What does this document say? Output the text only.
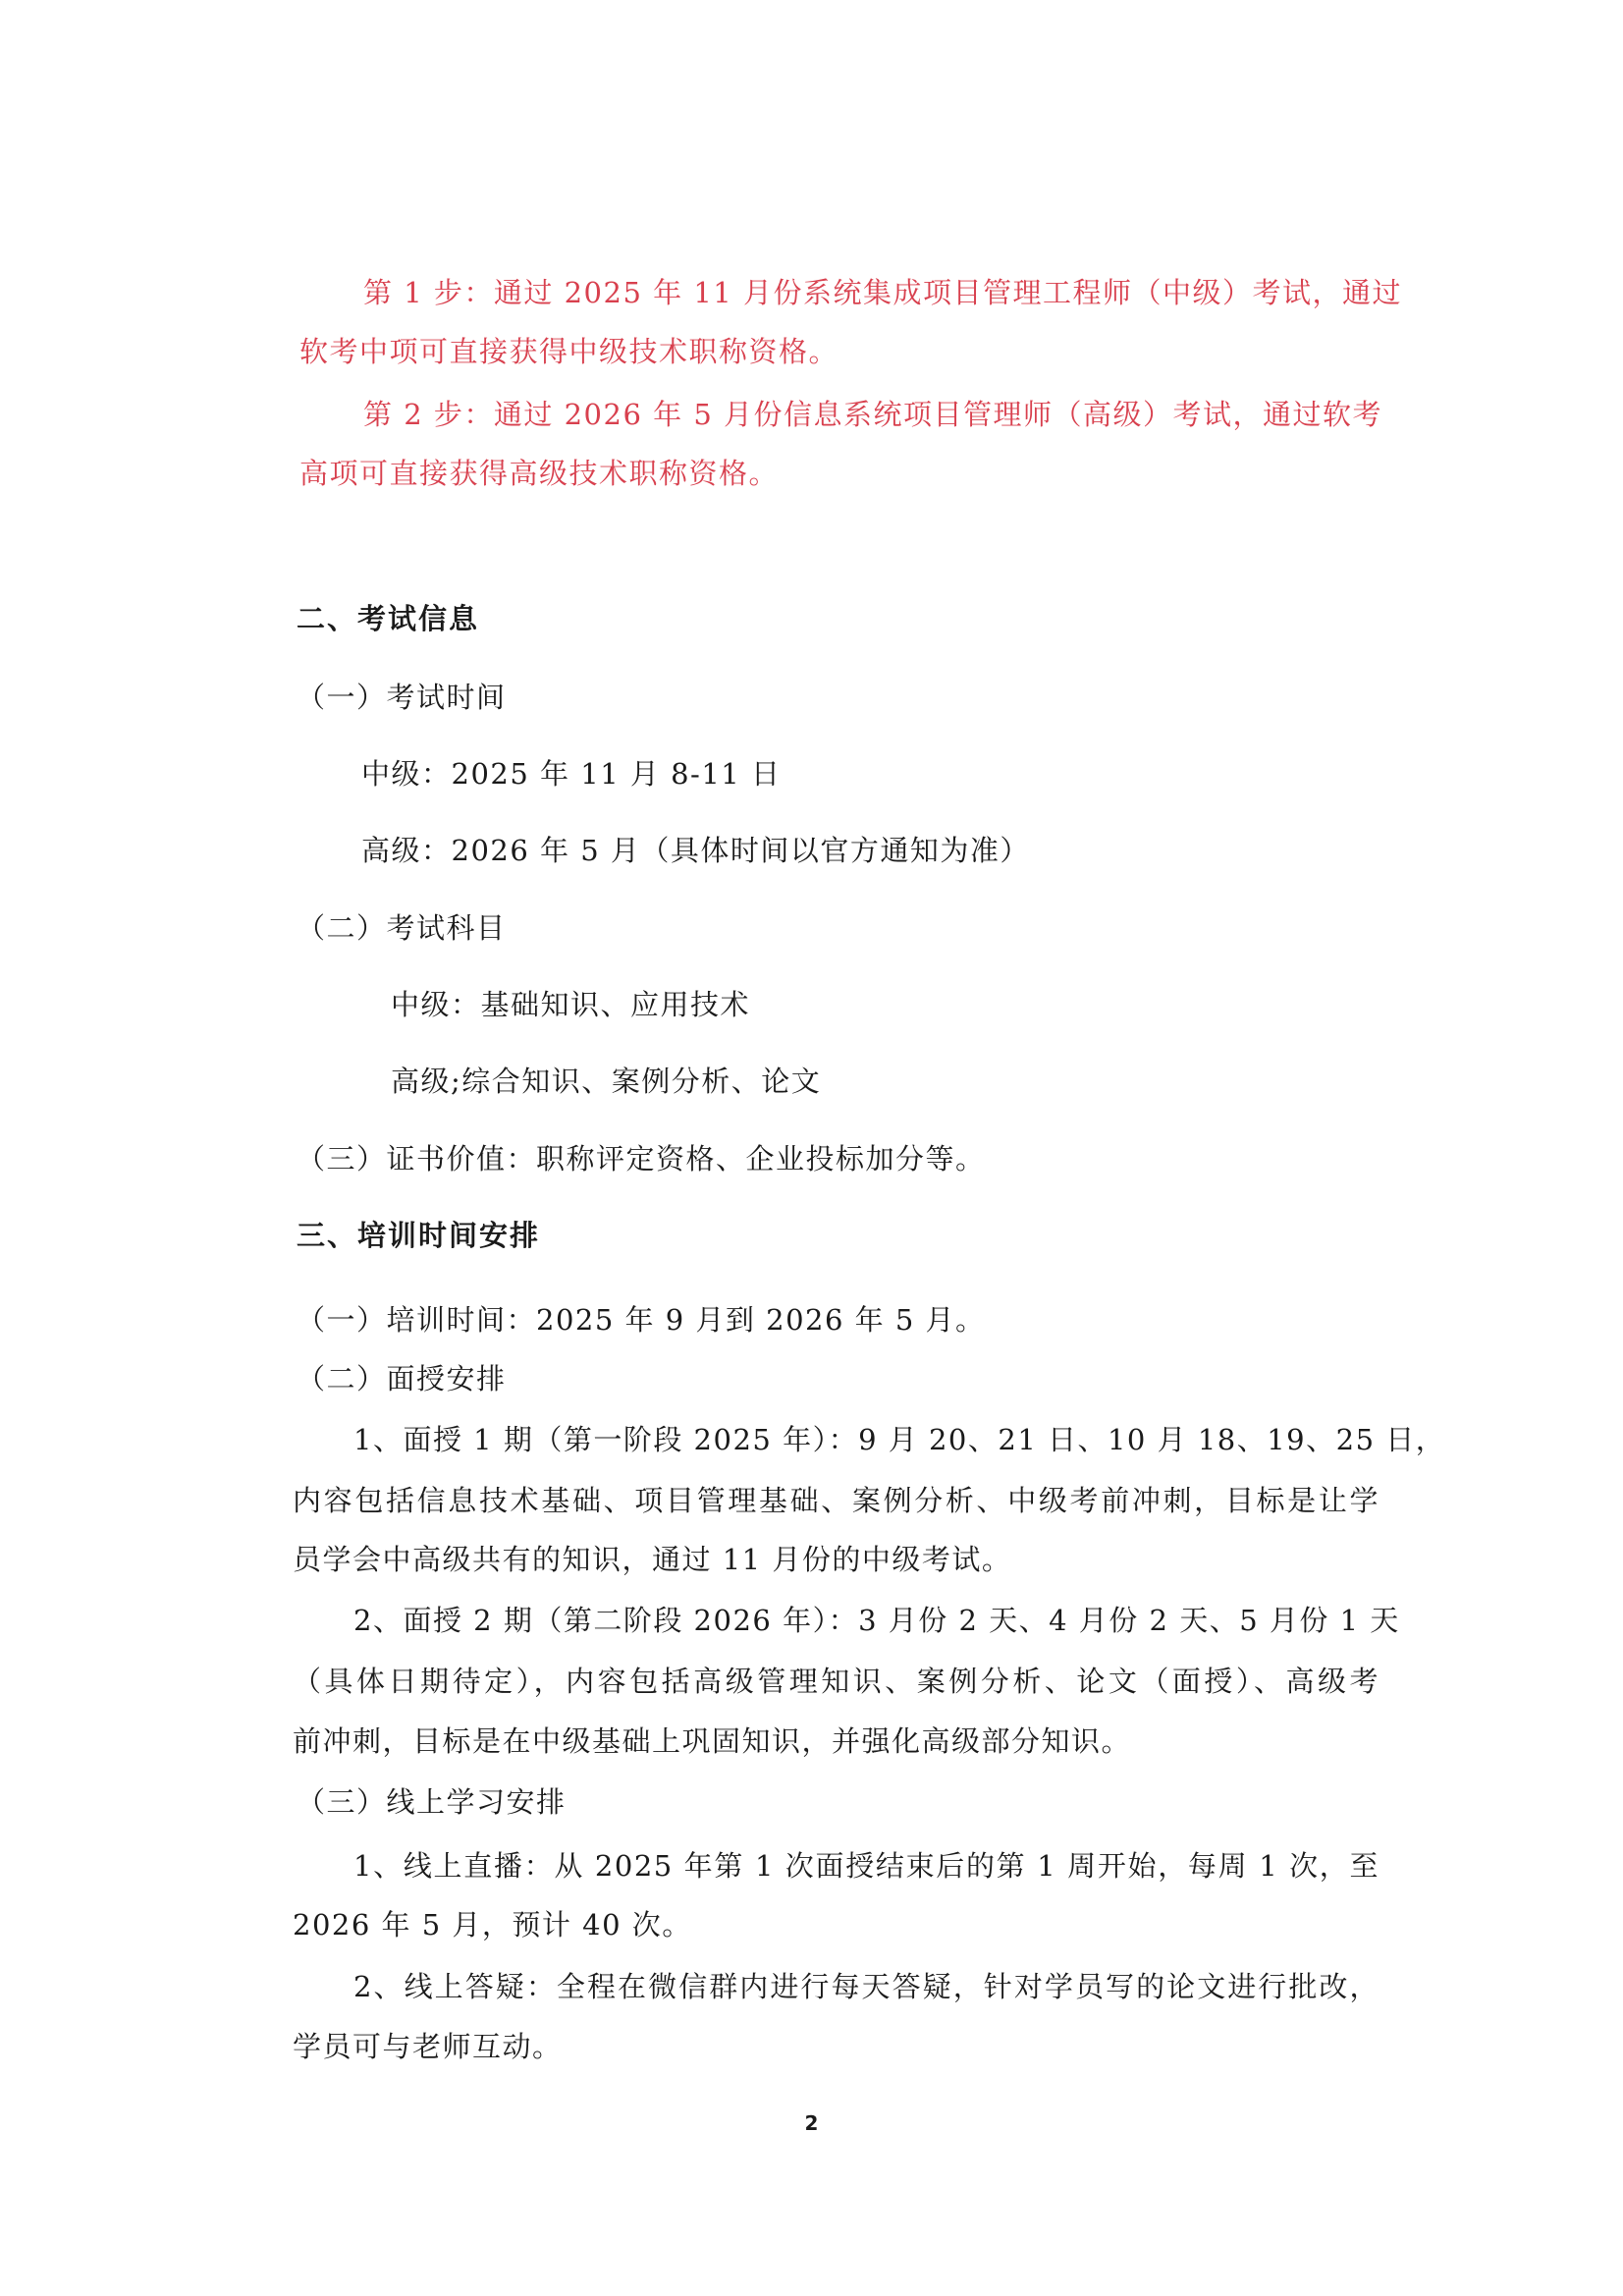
第 1 步：通过 2025 年 11 月份系统集成项目管理工程师（中级）考试，通过
软考中项可直接获得中级技术职称资格。
第 2 步：通过 2026 年 5 月份信息系统项目管理师（高级）考试，通过软考
高项可直接获得高级技术职称资格。
二、考试信息
（一）考试时间
中级：2025 年 11 月 8-11 日
高级：2026 年 5 月（具体时间以官方通知为准）
（二）考试科目
中级：基础知识、应用技术
高级;综合知识、案例分析、论文
（三）证书价值：职称评定资格、企业投标加分等。
三、培训时间安排
（一）培训时间：2025 年 9 月到 2026 年 5 月。
（二）面授安排
1、面授 1 期（第一阶段 2025 年）：9 月 20、21 日、10 月 18、19、25 日，
内容包括信息技术基础、项目管理基础、案例分析、中级考前冲刺，目标是让学
员学会中高级共有的知识，通过 11 月份的中级考试。
2、面授 2 期（第二阶段 2026 年）：3 月份 2 天、4 月份 2 天、5 月份 1 天
（具体日期待定），内容包括高级管理知识、案例分析、论文（面授）、高级考
前冲刺，目标是在中级基础上巩固知识，并强化高级部分知识。
（三）线上学习安排
1、线上直播：从 2025 年第 1 次面授结束后的第 1 周开始，每周 1 次，至
2026 年 5 月，预计 40 次。
2、线上答疑：全程在微信群内进行每天答疑，针对学员写的论文进行批改，
学员可与老师互动。
2
